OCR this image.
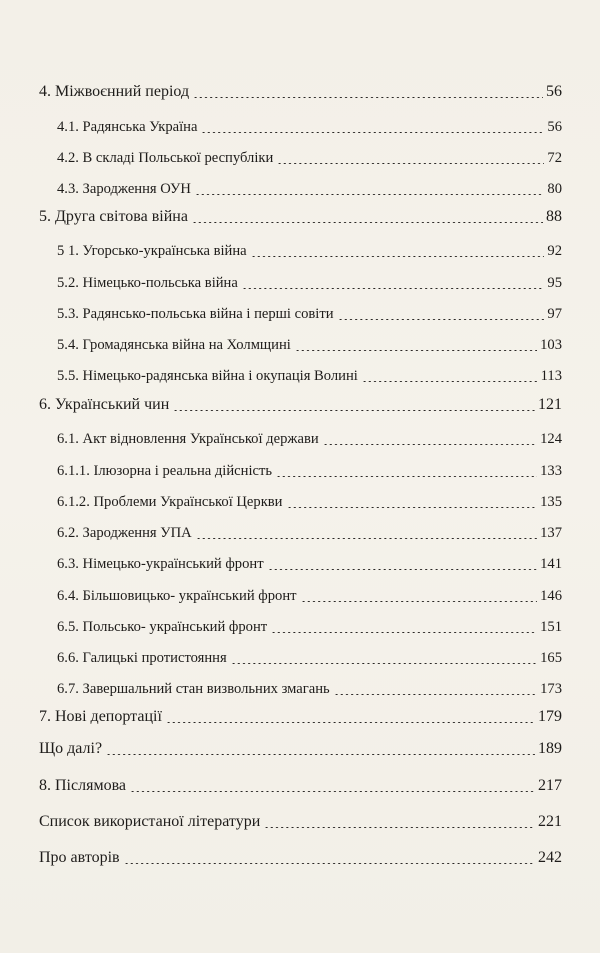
4. Міжвоєнний період	56
4.1. Радянська Україна	56
4.2. В складі Польської республіки	72
4.3. Зародження ОУН	80
5. Друга світова війна	88
5 1. Угорсько-українська війна	92
5.2. Німецько-польська війна	95
5.3. Радянсько-польська війна і перші совіти	97
5.4. Громадянська війна на Холмщині	103
5.5. Німецько-радянська війна і окупація Волині	113
6. Український чин	121
6.1. Акт відновлення Української держави	124
6.1.1. Ілюзорна і реальна дійсність	133
6.1.2. Проблеми Української Церкви	135
6.2. Зародження УПА	137
6.3. Німецько-український фронт	141
6.4. Більшовицько- український фронт	146
6.5. Польсько- український фронт	151
6.6. Галицькі протистояння	165
6.7. Завершальний стан визвольних змагань	173
7. Нові депортації	179
Що далі?	189
8. Післямова	217
Список використаної літератури	221
Про авторів	242
